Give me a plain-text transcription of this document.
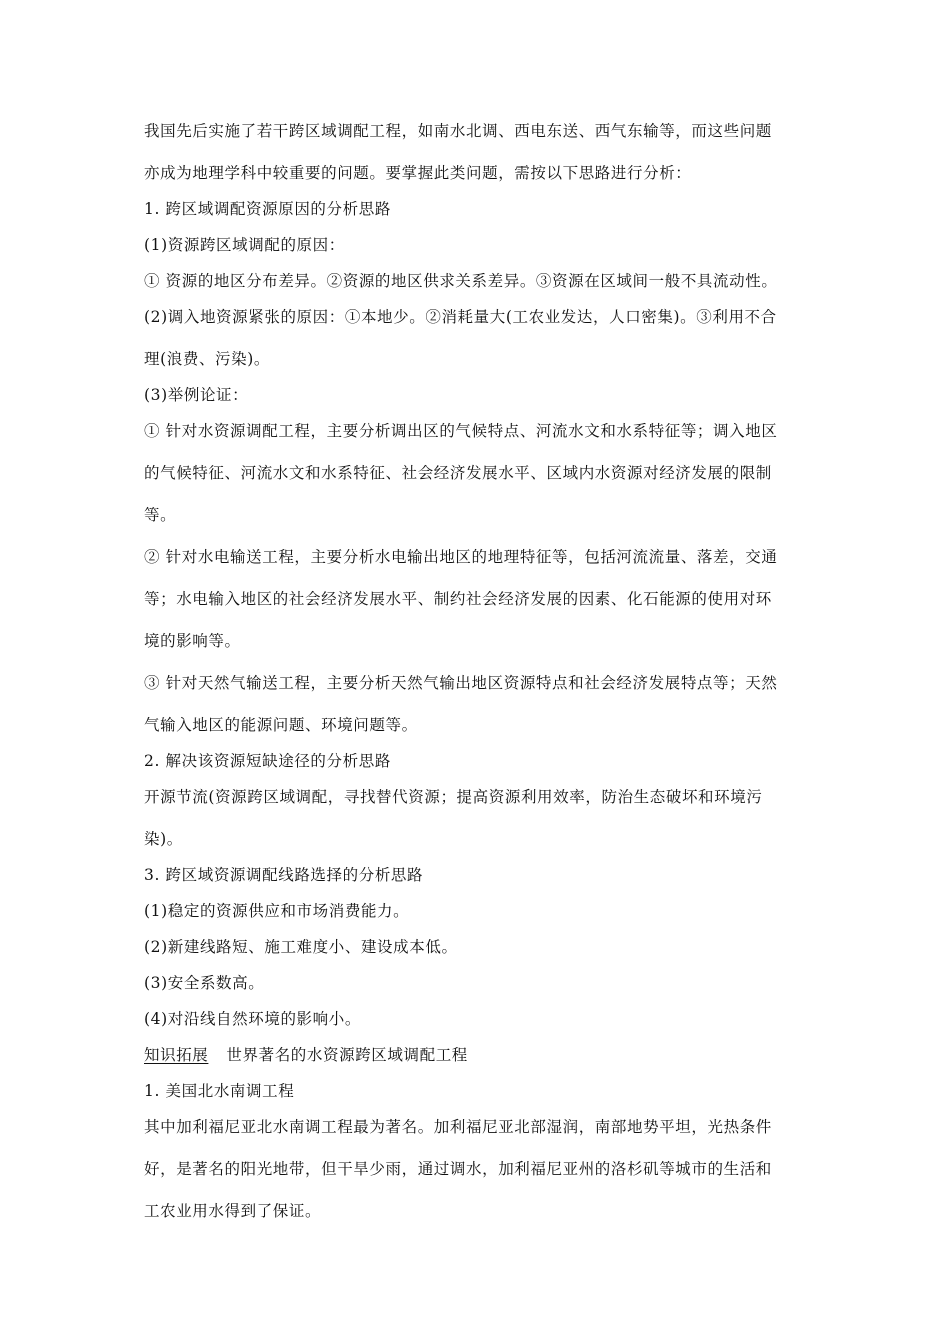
我国先后实施了若干跨区域调配工程，如南水北调、西电东送、西气东输等，而这些问题
亦成为地理学科中较重要的问题。要掌握此类问题，需按以下思路进行分析：
1. 跨区域调配资源原因的分析思路
(1)资源跨区域调配的原因：
① 资源的地区分布差异。②资源的地区供求关系差异。③资源在区域间一般不具流动性。
(2)调入地资源紧张的原因：①本地少。②消耗量大(工农业发达，人口密集)。③利用不合
理(浪费、污染)。
(3)举例论证：
① 针对水资源调配工程，主要分析调出区的气候特点、河流水文和水系特征等；调入地区
的气候特征、河流水文和水系特征、社会经济发展水平、区域内水资源对经济发展的限制
等。
② 针对水电输送工程，主要分析水电输出地区的地理特征等，包括河流流量、落差，交通
等；水电输入地区的社会经济发展水平、制约社会经济发展的因素、化石能源的使用对环
境的影响等。
③ 针对天然气输送工程，主要分析天然气输出地区资源特点和社会经济发展特点等；天然
气输入地区的能源问题、环境问题等。
2. 解决该资源短缺途径的分析思路
开源节流(资源跨区域调配，寻找替代资源；提高资源利用效率，防治生态破坏和环境污
染)。
3. 跨区域资源调配线路选择的分析思路
(1)稳定的资源供应和市场消费能力。
(2)新建线路短、施工难度小、建设成本低。
(3)安全系数高。
(4)对沿线自然环境的影响小。
知识拓展 世界著名的水资源跨区域调配工程
1. 美国北水南调工程
其中加利福尼亚北水南调工程最为著名。加利福尼亚北部湿润，南部地势平坦，光热条件
好，是著名的阳光地带，但干旱少雨，通过调水，加利福尼亚州的洛杉矶等城市的生活和
工农业用水得到了保证。
